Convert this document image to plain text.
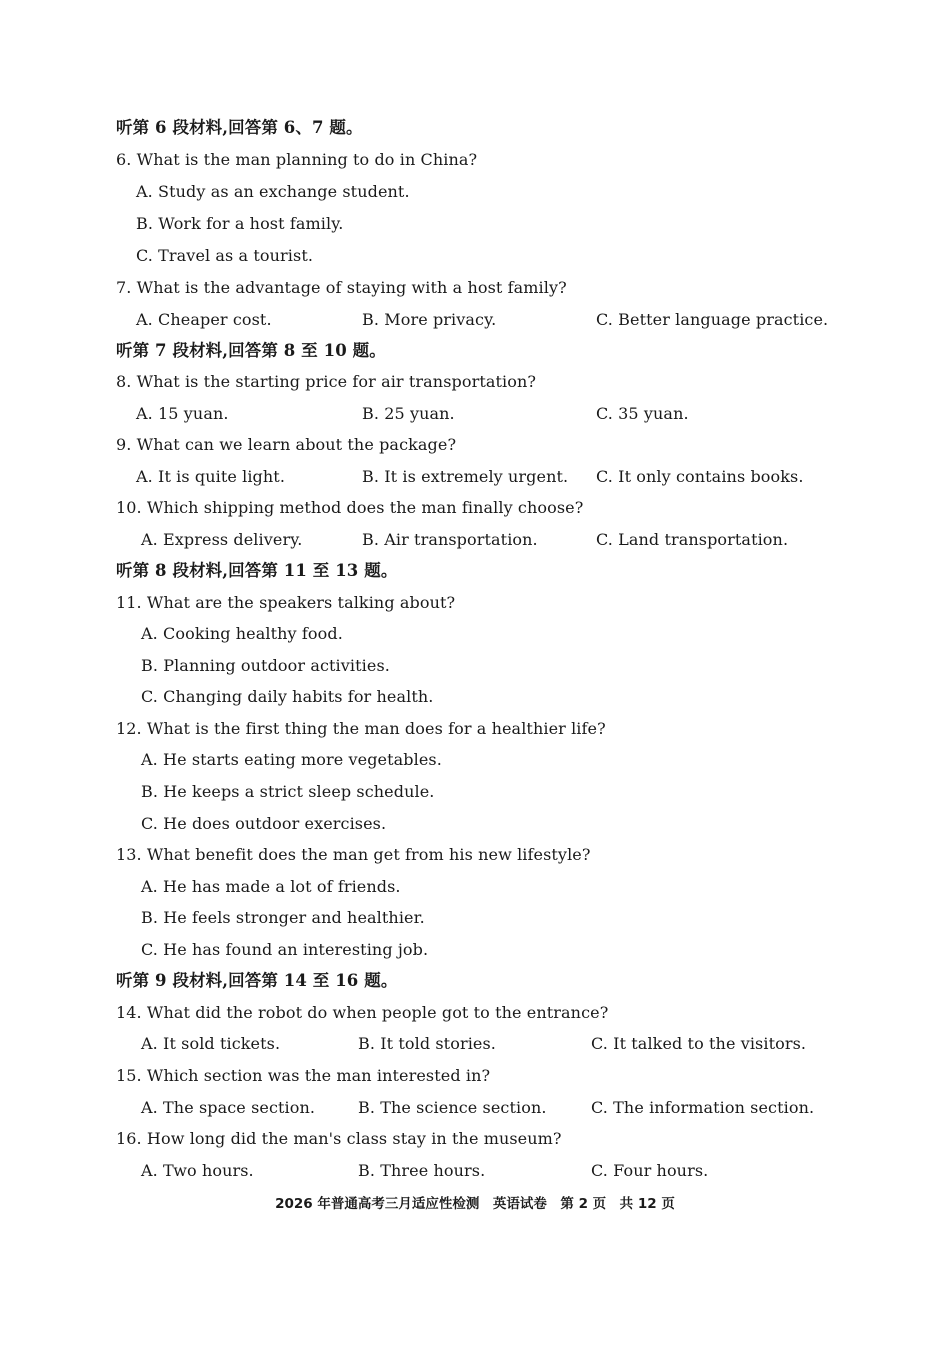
听第 6 段材料,回答第 6、7 题。
6. What is the man planning to do in China?
A. Study as an exchange student.
B. Work for a host family.
C. Travel as a tourist.
7. What is the advantage of staying with a host family?
A. Cheaper cost.	B. More privacy.	C. Better language practice.
听第 7 段材料,回答第 8 至 10 题。
8. What is the starting price for air transportation?
A. 15 yuan.	B. 25 yuan.	C. 35 yuan.
9. What can we learn about the package?
A. It is quite light.	B. It is extremely urgent. C. It only contains books.
10. Which shipping method does the man finally choose?
A. Express delivery.	B. Air transportation.	C. Land transportation.
听第 8 段材料,回答第 11 至 13 题。
11. What are the speakers talking about?
A. Cooking healthy food.
B. Planning outdoor activities.
C. Changing daily habits for health.
12. What is the first thing the man does for a healthier life?
A. He starts eating more vegetables.
B. He keeps a strict sleep schedule.
C. He does outdoor exercises.
13. What benefit does the man get from his new lifestyle?
A. He has made a lot of friends.
B. He feels stronger and healthier.
C. He has found an interesting job.
听第 9 段材料,回答第 14 至 16 题。
14. What did the robot do when people got to the entrance?
A. It sold tickets.	B. It told stories.	C. It talked to the visitors.
15. Which section was the man interested in?
A. The space section.	B. The science section.	C. The information section.
16. How long did the man's class stay in the museum?
A. Two hours.	B. Three hours.	C. Four hours.
2026 年普通高考三月适应性检测　英语试卷　第 2 页　共 12 页
